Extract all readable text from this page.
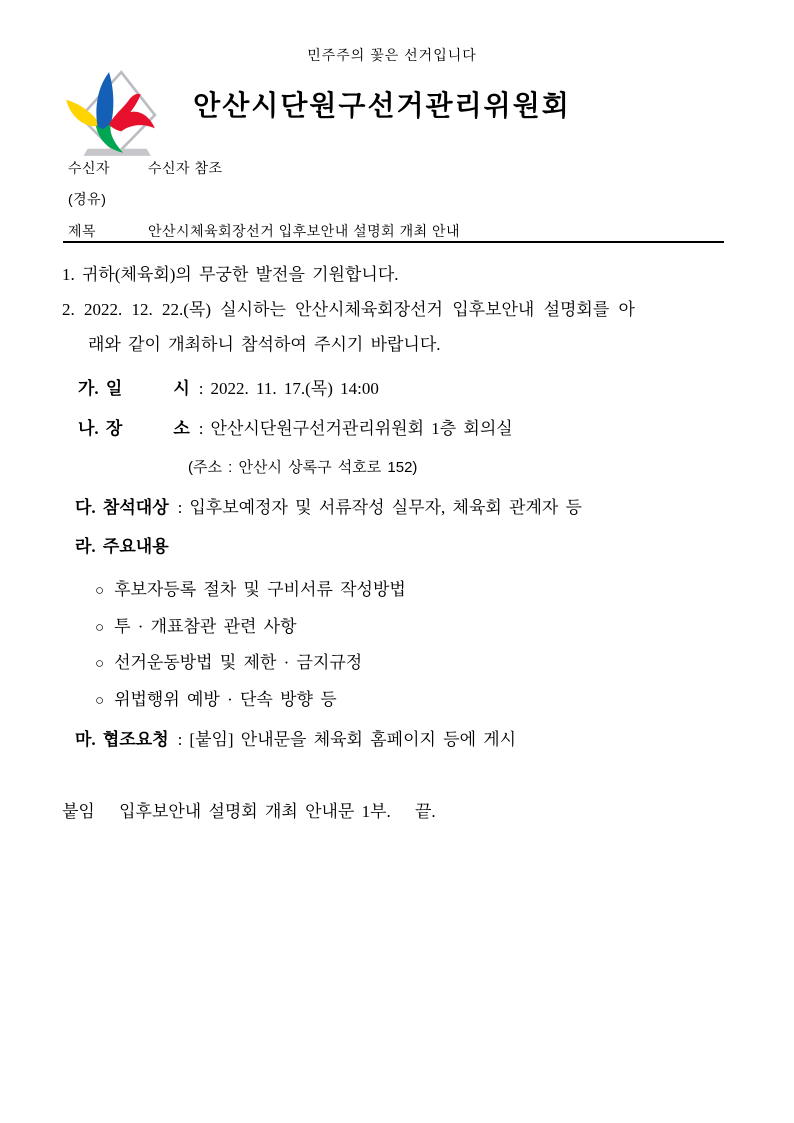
민주주의 꽃은 선거입니다
안산시단원구선거관리위원회
수신자	수신자 참조
(경유)
제목	안산시체육회장선거 입후보안내 설명회 개최 안내
1. 귀하(체육회)의 무궁한 발전을 기원합니다.
2. 2022. 12. 22.(목) 실시하는 안산시체육회장선거 입후보안내 설명회를 아
래와 같이 개최하니 참석하여 주시기 바랍니다.
가. 일　　　시 : 2022. 11. 17.(목) 14:00
나. 장　　　소 : 안산시단원구선거관리위원회 1층 회의실
(주소 : 안산시 상록구 석호로 152)
다. 참석대상 : 입후보예정자 및 서류작성 실무자, 체육회 관계자 등
라. 주요내용
○ 후보자등록 절차 및 구비서류 작성방법
○ 투 · 개표참관 관련 사항
○ 선거운동방법 및 제한 · 금지규정
○ 위법행위 예방 · 단속 방향 등
마. 협조요청 : [붙임] 안내문을 체육회 홈페이지 등에 게시
붙임　 입후보안내 설명회 개최 안내문 1부.　 끝.
